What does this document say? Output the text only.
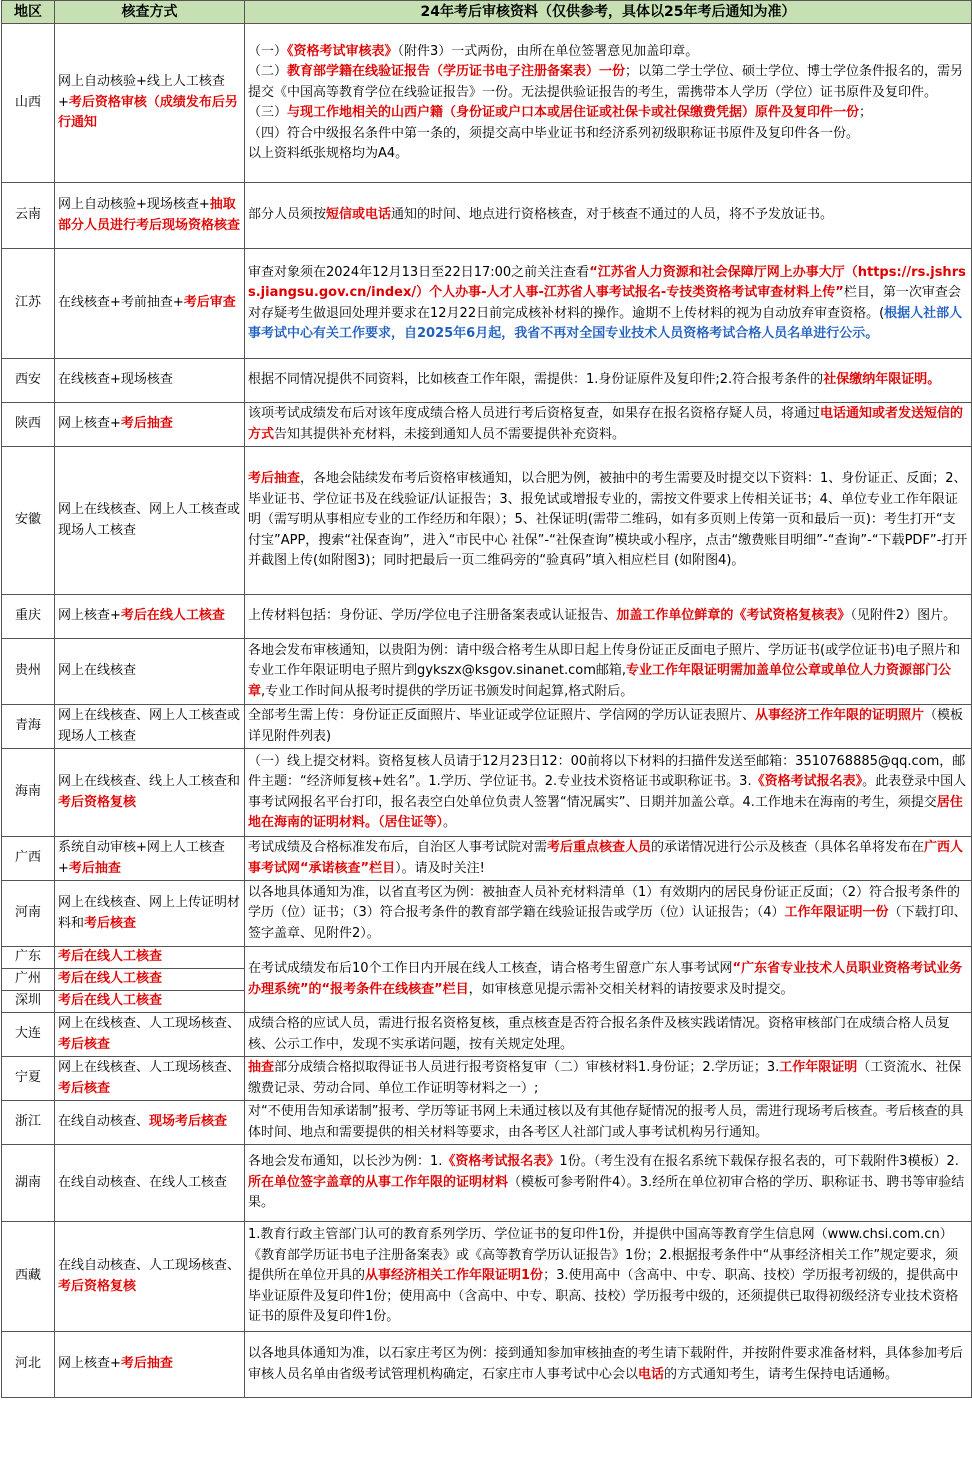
地区	核查方式	24年考后审核资料（仅供参考，具体以25年考后通知为准）
山西	网上自动核验+线上人工核查+考后资格审核（成绩发布后另行通知	（一）《资格考试审核表》（附件3）一式两份，由所在单位签署意见加盖印章。
（二）教育部学籍在线验证报告（学历证书电子注册备案表）一份；以第二学士学位、硕士学位、博士学位条件报名的，需另提交《中国高等教育学位在线验证报告》一份。无法提供验证报告的考生，需携带本人学历（学位）证书原件及复印件。
（三）与现工作地相关的山西户籍（身份证或户口本或居住证或社保卡或社保缴费凭据）原件及复印件一份；
（四）符合中级报名条件中第一条的，须提交高中毕业证书和经济系列初级职称证书原件及复印件各一份。
以上资料纸张规格均为A4。
云南	网上自动核验+现场核查+抽取部分人员进行考后现场资格核查	部分人员须按短信或电话通知的时间、地点进行资格核查，对于核查不通过的人员，将不予发放证书。
江苏	在线核查+考前抽查+考后审查	审查对象须在2024年12月13日至22日17:00之前关注查看“江苏省人力资源和社会保障厅网上办事大厅（https://rs.jshrss.jiangsu.gov.cn/index/）个人办事-人才人事-江苏省人事考试报名-专技类资格考试审查材料上传”栏目，第一次审查会对存疑考生做退回处理并要求在12月22日前完成核补材料的操作。逾期不上传材料的视为自动放弃审查资格。(根据人社部人事考试中心有关工作要求，自2025年6月起，我省不再对全国专业技术人员资格考试合格人员名单进行公示。
西安	在线核查+现场核查	根据不同情况提供不同资料，比如核查工作年限，需提供：1.身份证原件及复印件;2.符合报考条件的社保缴纳年限证明。
陕西	网上核查+考后抽查	该项考试成绩发布后对该年度成绩合格人员进行考后资格复查，如果存在报名资格存疑人员，将通过电话通知或者发送短信的方式告知其提供补充材料，未接到通知人员不需要提供补充资料。
安徽	网上在线核查、网上人工核查或现场人工核查	考后抽查，各地会陆续发布考后资格审核通知，以合肥为例，被抽中的考生需要及时提交以下资料：1、身份证正、反面；2、毕业证书、学位证书及在线验证/认证报告；3、报免试或增报专业的，需按文件要求上传相关证书；4、单位专业工作年限证明（需写明从事相应专业的工作经历和年限）；5、社保证明(需带二维码，如有多页则上传第一页和最后一页)：考生打开“支付宝”APP，搜索“社保查询”，进入“市民中心 社保”-“社保查询”模块或小程序，点击“缴费账目明细”-“查询”-“下载PDF”-打开并截图上传(如附图3)；同时把最后一页二维码旁的“验真码”填入相应栏目 (如附图4)。
重庆	网上核查+考后在线人工核查	上传材料包括：身份证、学历/学位电子注册备案表或认证报告、加盖工作单位鲜章的《考试资格复核表》（见附件2）图片。
贵州	网上在线核查	各地会发布审核通知，以贵阳为例：请中级合格考生从即日起上传身份证正反面电子照片、学历证书(或学位证书)电子照片和专业工作年限证明电子照片到gykszx@ksgov.sinanet.com邮箱,专业工作年限证明需加盖单位公章或单位人力资源部门公章,专业工作时间从报考时提供的学历证书颁发时间起算,格式附后。
青海	网上在线核查、网上人工核查或现场人工核查	全部考生需上传：身份证正反面照片、毕业证或学位证照片、学信网的学历认证表照片、从事经济工作年限的证明照片（模板详见附件列表)
海南	网上在线核查、线上人工核查和考后资格复核	（一）线上提交材料。资格复核人员请于12月23日12：00前将以下材料的扫描件发送至邮箱：3510768885@qq.com，邮件主题：“经济师复核+姓名”。1.学历、学位证书。2.专业技术资格证书或职称证书。3.《资格考试报名表》。此表登录中国人事考试网报名平台打印，报名表空白处单位负责人签署“情况属实”、日期并加盖公章。4.工作地未在海南的考生，须提交居住地在海南的证明材料。（居住证等）。
广西	系统自动审核+网上人工核查+考后抽查	考试成绩及合格标准发布后，自治区人事考试院对需考后重点核查人员的承诺情况进行公示及核查（具体名单将发布在广西人事考试网“承诺核查”栏目）。请及时关注!
河南	网上在线核查、网上上传证明材料和考后核查	以各地具体通知为准，以省直考区为例：被抽查人员补充材料清单（1）有效期内的居民身份证正反面；（2）符合报考条件的学历（位）证书；（3）符合报考条件的教育部学籍在线验证报告或学历（位）认证报告；（4）工作年限证明一份（下载打印、签字盖章、见附件2）。
广东	考后在线人工核查	在考试成绩发布后10个工作日内开展在线人工核查，请合格考生留意广东人事考试网“广东省专业技术人员职业资格考试业务办理系统”的“报考条件在线核查”栏目，如审核意见提示需补交相关材料的请按要求及时提交。
广州	考后在线人工核查	
深圳	考后在线人工核查	
大连	网上在线核查、人工现场核查、考后核查	成绩合格的应试人员，需进行报名资格复核，重点核查是否符合报名条件及核实践诺情况。资格审核部门在成绩合格人员复核、公示工作中，发现不实承诺问题，按有关规定处理。
宁夏	网上在线核查、人工现场核查、考后核查	抽查部分成绩合格拟取得证书人员进行报考资格复审（二）审核材料1.身份证；2.学历证；3.工作年限证明（工资流水、社保缴费记录、劳动合同、单位工作证明等材料之一）;
浙江	在线自动核查、现场考后核查	对“不使用告知承诺制”报考、学历等证书网上未通过核以及有其他存疑情况的报考人员，需进行现场考后核查。考后核查的具体时间、地点和需要提供的相关材料等要求，由各考区人社部门或人事考试机构另行通知。
湖南	在线自动核查、在线人工核查	各地会发布通知，以长沙为例：1.《资格考试报名表》1份。（考生没有在报名系统下载保存报名表的，可下载附件3模板）2.所在单位签字盖章的从事工作年限的证明材料（模板可参考附件4）。3.经所在单位初审合格的学历、职称证书、聘书等审验结果。
西藏	在线自动核查、人工现场核查、考后资格复核	1.教育行政主管部门认可的教育系列学历、学位证书的复印件1份，并提供中国高等教育学生信息网（www.chsi.com.cn）《教育部学历证书电子注册备案表》或《高等教育学历认证报告》1份；2.根据报考条件中“从事经济相关工作”规定要求，须提供所在单位开具的从事经济相关工作年限证明1份；3.使用高中（含高中、中专、职高、技校）学历报考初级的，提供高中毕业证原件及复印件1份；使用高中（含高中、中专、职高、技校）学历报考中级的，还须提供已取得初级经济专业技术资格证书的原件及复印件1份。
河北	网上核查+考后抽查	以各地具体通知为准，以石家庄考区为例：接到通知参加审核抽查的考生请下载附件，并按附件要求准备材料，具体参加考后审核人员名单由省级考试管理机构确定，石家庄市人事考试中心会以电话的方式通知考生，请考生保持电话通畅。
